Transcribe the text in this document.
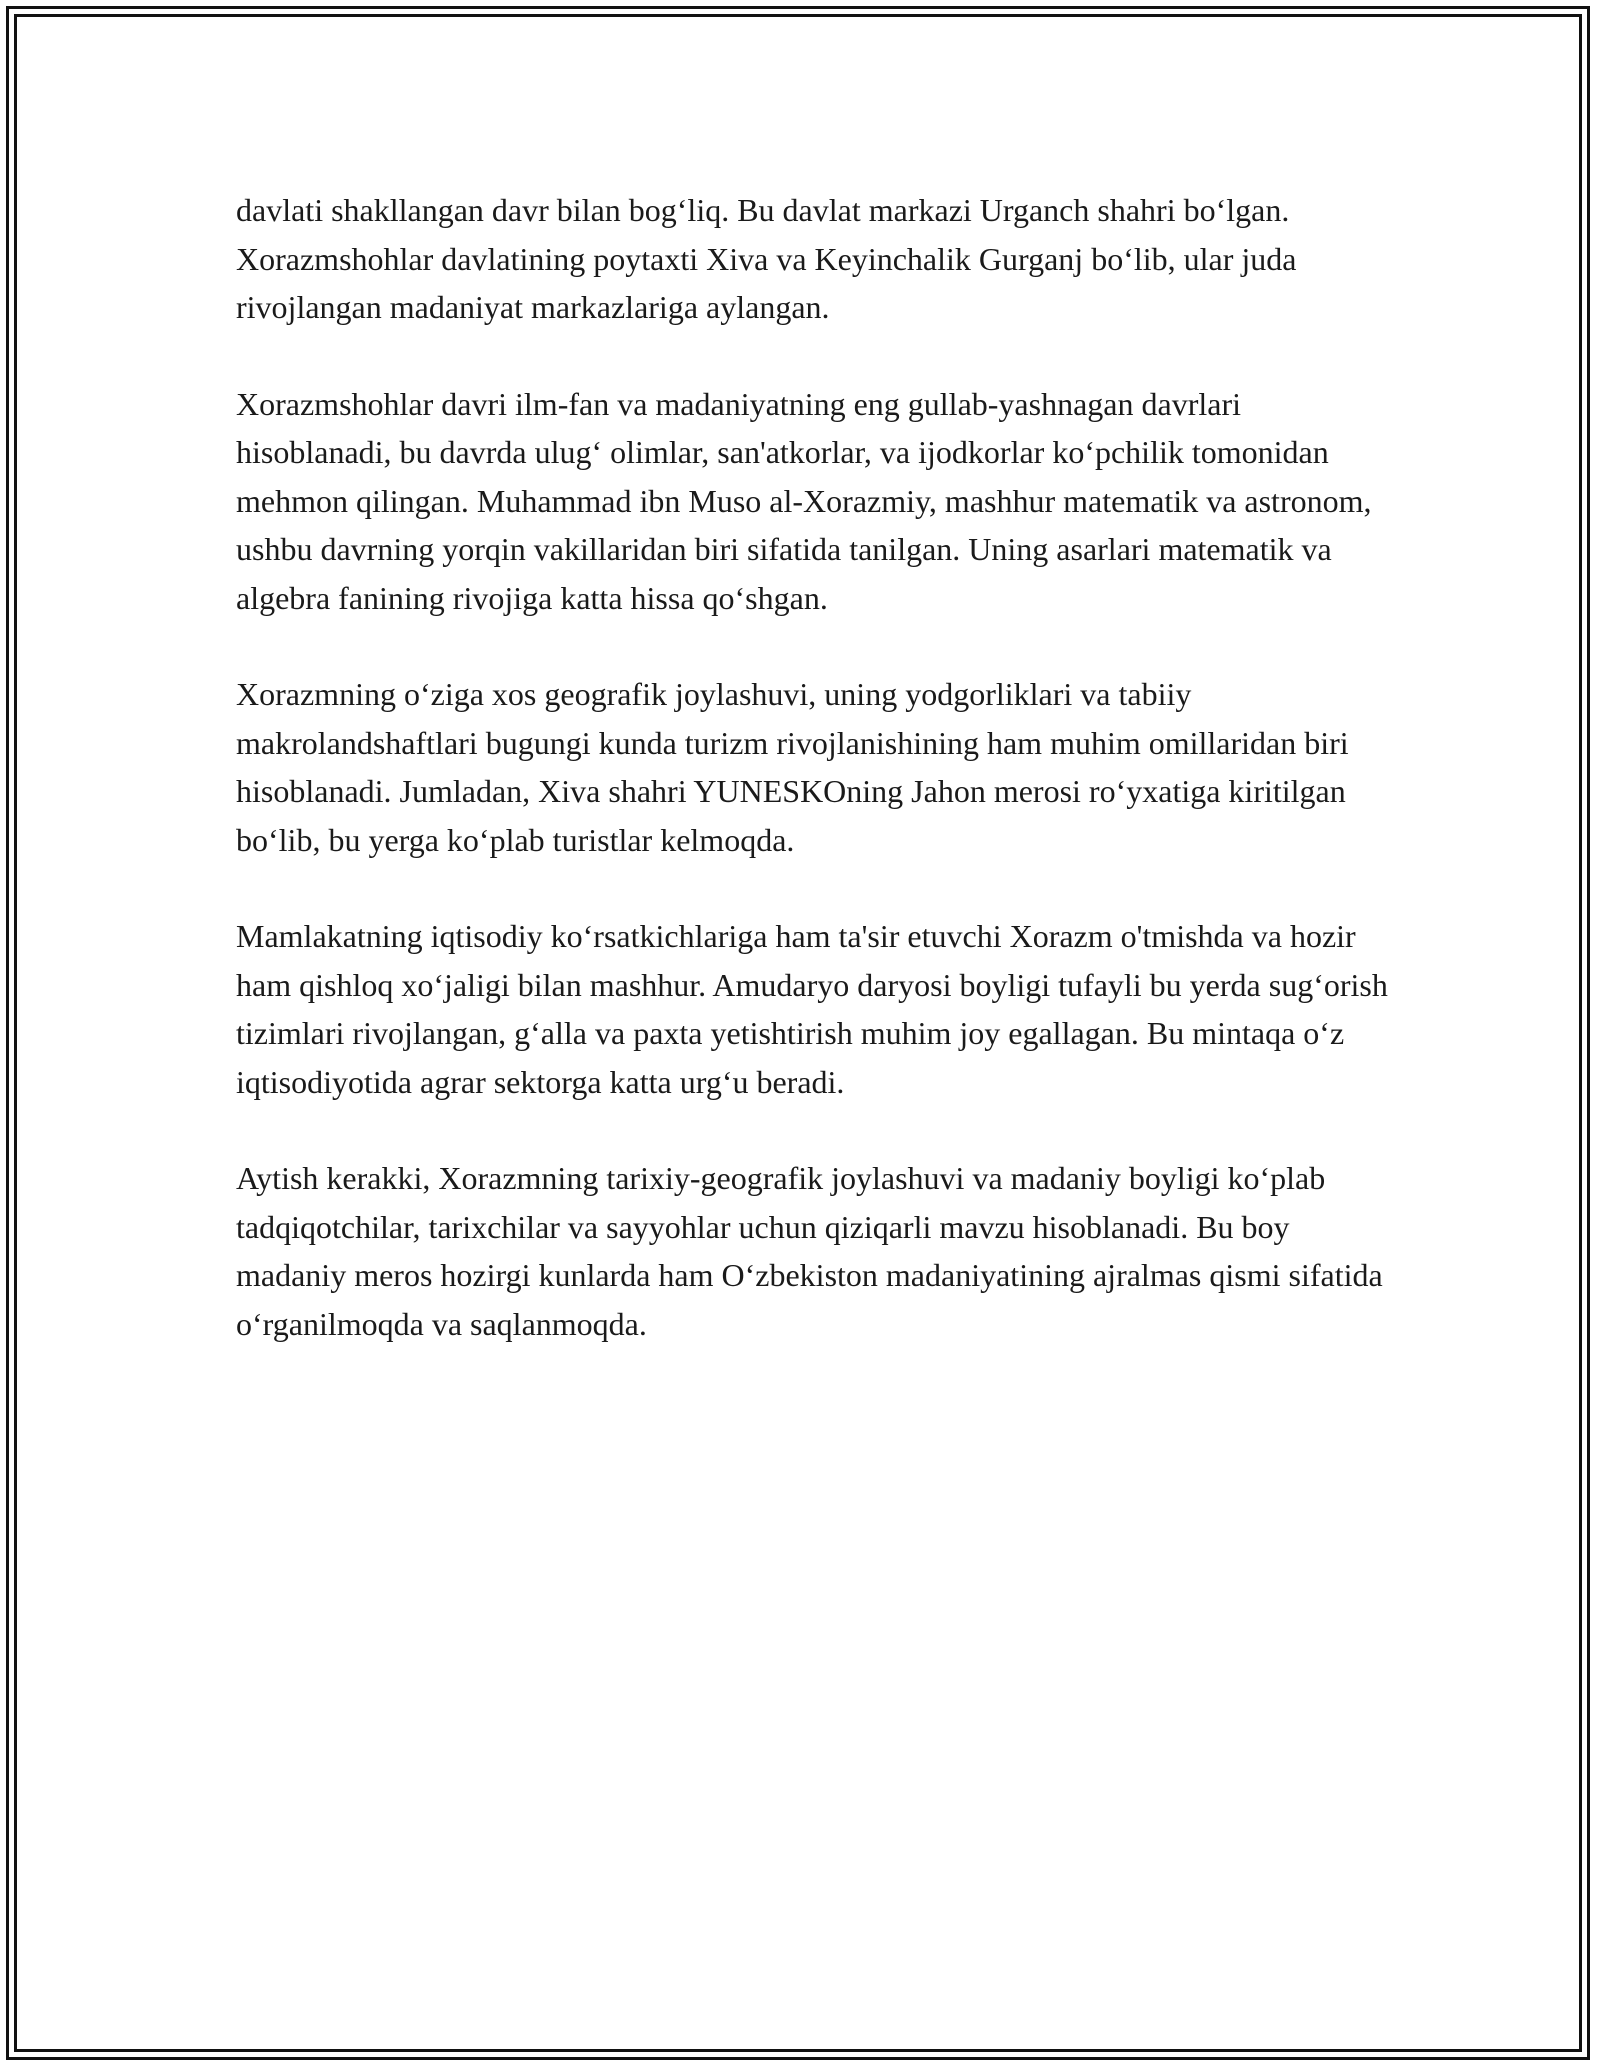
davlati shakllangan davr bilan bog‘liq. Bu davlat markazi Urganch shahri bo‘lgan. Xorazmshohlar davlatining poytaxti Xiva va Keyinchalik Gurganj bo‘lib, ular juda rivojlangan madaniyat markazlariga aylangan.

Xorazmshohlar davri ilm-fan va madaniyatning eng gullab-yashnagan davrlari hisoblanadi, bu davrda ulug‘ olimlar, san'atkorlar, va ijodkorlar ko‘pchilik tomonidan mehmon qilingan. Muhammad ibn Muso al-Xorazmiy, mashhur matematik va astronom, ushbu davrning yorqin vakillaridan biri sifatida tanilgan. Uning asarlari matematik va algebra fanining rivojiga katta hissa qo‘shgan.

Xorazmning o‘ziga xos geografik joylashuvi, uning yodgorliklari va tabiiy makrolandshaftlari bugungi kunda turizm rivojlanishining ham muhim omillaridan biri hisoblanadi. Jumladan, Xiva shahri YUNESKOning Jahon merosi ro‘yxatiga kiritilgan bo‘lib, bu yerga ko‘plab turistlar kelmoqda.

Mamlakatning iqtisodiy ko‘rsatkichlariga ham ta'sir etuvchi Xorazm o'tmishda va hozir ham qishloq xo‘jaligi bilan mashhur. Amudaryo daryosi boyligi tufayli bu yerda sug‘orish tizimlari rivojlangan, g‘alla va paxta yetishtirish muhim joy egallagan. Bu mintaqa o‘z iqtisodiyotida agrar sektorga katta urg‘u beradi.

Aytish kerakki, Xorazmning tarixiy-geografik joylashuvi va madaniy boyligi ko‘plab tadqiqotchilar, tarixchilar va sayyohlar uchun qiziqarli mavzu hisoblanadi. Bu boy madaniy meros hozirgi kunlarda ham O‘zbekiston madaniyatining ajralmas qismi sifatida o‘rganilmoqda va saqlanmoqda.
